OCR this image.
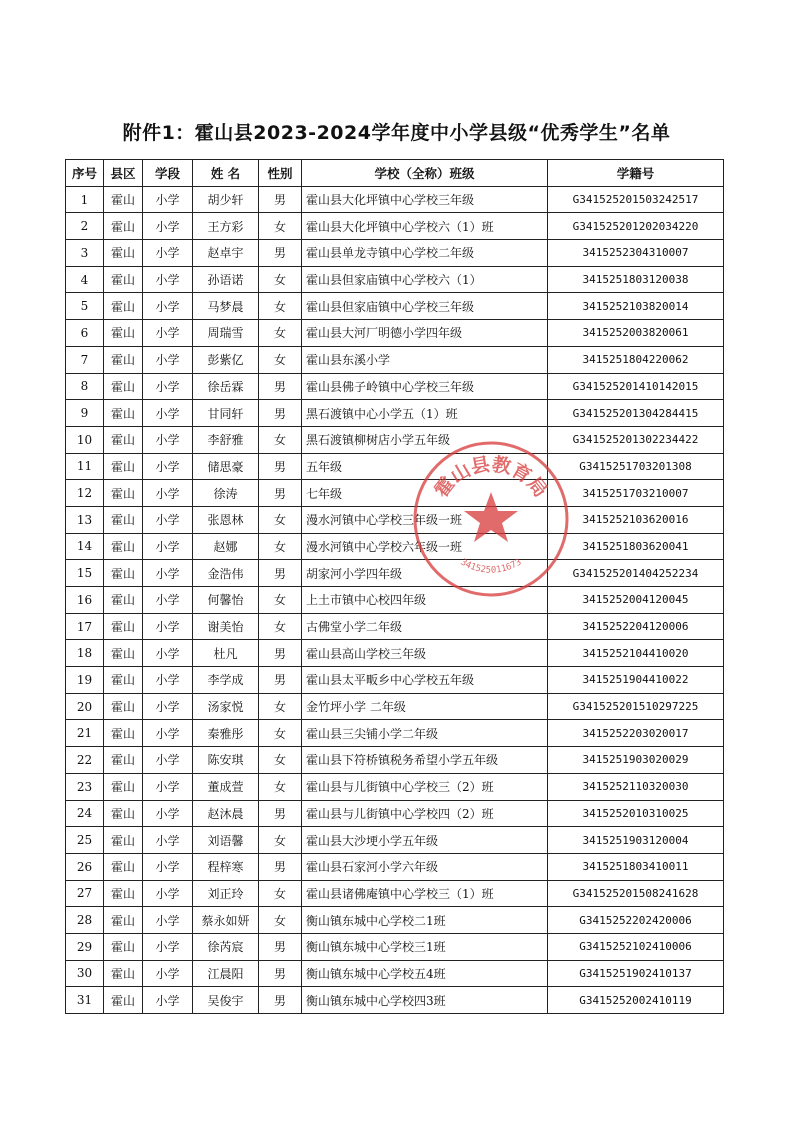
附件1：霍山县2023-2024学年度中小学县级“优秀学生”名单
序号	县区	学段	姓 名	性别	学校（全称）班级	学籍号
1	霍山	小学	胡少轩	男	霍山县大化坪镇中心学校三年级	G341525201503242517
2	霍山	小学	王方彩	女	霍山县大化坪镇中心学校六（1）班	G341525201202034220
3	霍山	小学	赵卓宇	男	霍山县单龙寺镇中心学校二年级	3415252304310007
4	霍山	小学	孙语诺	女	霍山县但家庙镇中心学校六（1）	3415251803120038
5	霍山	小学	马梦晨	女	霍山县但家庙镇中心学校三年级	3415252103820014
6	霍山	小学	周瑞雪	女	霍山县大河厂明德小学四年级	3415252003820061
7	霍山	小学	彭紫亿	女	霍山县东溪小学	3415251804220062
8	霍山	小学	徐岳霖	男	霍山县佛子岭镇中心学校三年级	G341525201410142015
9	霍山	小学	甘同轩	男	黑石渡镇中心小学五（1）班	G341525201304284415
10	霍山	小学	李舒雅	女	黑石渡镇柳树店小学五年级	G341525201302234422
11	霍山	小学	储思豪	男	五年级	G3415251703201308
12	霍山	小学	徐涛	男	七年级	3415251703210007
13	霍山	小学	张恩林	女	漫水河镇中心学校三年级一班	3415252103620016
14	霍山	小学	赵娜	女	漫水河镇中心学校六年级一班	3415251803620041
15	霍山	小学	金浩伟	男	胡家河小学四年级	G341525201404252234
16	霍山	小学	何馨怡	女	上土市镇中心校四年级	3415252004120045
17	霍山	小学	谢美怡	女	古佛堂小学二年级	3415252204120006
18	霍山	小学	杜凡	男	霍山县高山学校三年级	3415252104410020
19	霍山	小学	李学成	男	霍山县太平畈乡中心学校五年级	3415251904410022
20	霍山	小学	汤家悦	女	金竹坪小学 二年级	G341525201510297225
21	霍山	小学	秦雅彤	女	霍山县三尖铺小学二年级	3415252203020017
22	霍山	小学	陈安琪	女	霍山县下符桥镇税务希望小学五年级	3415251903020029
23	霍山	小学	董成萱	女	霍山县与儿街镇中心学校三（2）班	3415252110320030
24	霍山	小学	赵沐晨	男	霍山县与儿街镇中心学校四（2）班	3415252010310025
25	霍山	小学	刘语馨	女	霍山县大沙埂小学五年级	3415251903120004
26	霍山	小学	程梓寒	男	霍山县石家河小学六年级	3415251803410011
27	霍山	小学	刘正玲	女	霍山县诸佛庵镇中心学校三（1）班	G341525201508241628
28	霍山	小学	蔡永如妍	女	衡山镇东城中心学校二1班	G3415252202420006
29	霍山	小学	徐芮宸	男	衡山镇东城中心学校三1班	G3415252102410006
30	霍山	小学	江晨阳	男	衡山镇东城中心学校五4班	G3415251902410137
31	霍山	小学	吴俊宇	男	衡山镇东城中心学校四3班	G3415252002410119
霍山县教育局
341525011673
